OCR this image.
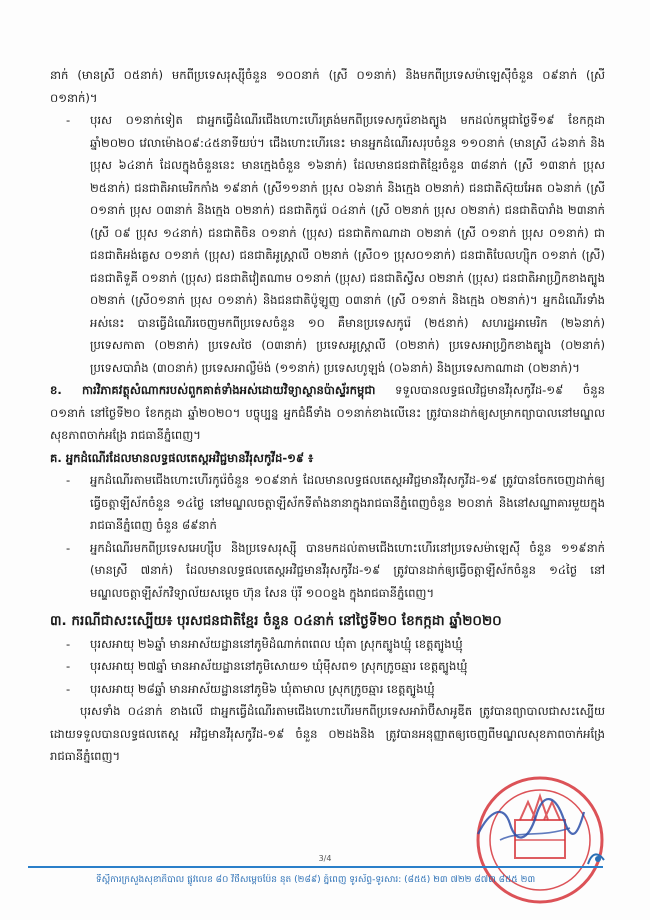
នាក់ (មានស្រី ០៥នាក់) មកពីប្រទេសរុស្ស៊ីចំនួន ១០០នាក់ (ស្រី ០១នាក់) និងមកពីប្រទេសម៉ាឡេស៊ីចំនួន ០៩នាក់ (ស្រី ០១នាក់)។

- បុរស ០១នាក់ទៀត ជាអ្នកធ្វើដំណើរជើងហោះហើរត្រង់មកពីប្រទេសកូរ៉េខាងត្បូង មកដល់កម្ពុជាថ្ងៃទី១៩ ខែកក្កដា ឆ្នាំ២០២០ វេលាម៉ោង០៩:៤៥នាទីយប់។ ជើងហោះហើរនេះ មានអ្នកដំណើរសរុបចំនួន ១១០នាក់ (មានស្រី ៤៦នាក់ និងប្រុស ៦៤នាក់ ដែលក្នុងចំនួននេះ មានក្មេងចំនួន ១៦នាក់) ដែលមានជនជាតិខ្មែរចំនួន ៣៨នាក់ (ស្រី ១៣នាក់ ប្រុស ២៥នាក់) ជនជាតិអាមេរិកកាំង ១៩នាក់ (ស្រី១១នាក់ ប្រុស ០៦នាក់ និងក្មេង ០២នាក់) ជនជាតិស៊ុយអែត ០៦នាក់ (ស្រី ០១នាក់ ប្រុស ០៣នាក់ និងក្មេង ០២នាក់) ជនជាតិកូរ៉េ ០៤នាក់ (ស្រី ០២នាក់ ប្រុស ០២នាក់) ជនជាតិបារាំង ២៣នាក់ (ស្រី ០៩ ប្រុស ១៤នាក់) ជនជាតិចិន ០១នាក់ (ប្រុស) ជនជាតិកាណាដា ០២នាក់ (ស្រី ០១នាក់ ប្រុស ០១នាក់) ជាជនជាតិអង់គ្លេស ០១នាក់ (ប្រុស) ជនជាតិអូស្ត្រាលី ០២នាក់ (ស្រី០១ ប្រុស០១នាក់) ជនជាតិបែលហ្ស៊ិក ០១នាក់ (ស្រី) ជនជាតិទួគី ០១នាក់ (ប្រុស) ជនជាតិវៀតណាម ០១នាក់ (ប្រុស) ជនជាតិស្វីស ០២នាក់ (ប្រុស) ជនជាតិអាហ្វ្រិកខាងត្បូង ០២នាក់ (ស្រី០១នាក់ ប្រុស ០១នាក់) និងជនជាតិប៉ូឡូញ ០៣នាក់ (ស្រី ០១នាក់ និងក្មេង ០២នាក់)។ អ្នកដំណើរទាំងអស់នេះ បានធ្វើដំណើរចេញមកពីប្រទេសចំនួន ១០ គឺមានប្រទេសកូរ៉េ (២៥នាក់) សហរដ្ឋអាមេរិក (២៦នាក់) ប្រទេសកាតា (០២នាក់) ប្រទេសថៃ (០៣នាក់) ប្រទេសអូស្ត្រាលី (០២នាក់) ប្រទេសអាហ្វ្រិកខាងត្បូង (០២នាក់) ប្រទេសបារាំង (៣០នាក់) ប្រទេសអាល្លឺម៉ង់ (១១នាក់) ប្រទេសហូឡង់ (០៦នាក់) និងប្រទេសកាណាដា (០២នាក់)។

ខ. ការវិភាគវត្ថុសំណាករបស់ពួកគាត់ទាំងអស់ដោយវិទ្យាស្ថានប៉ាស្ទ័រកម្ពុជា ទទួលបានលទ្ធផលវិជ្ជមានវីរុសកូវីដ-១៩ ចំនួន ០១នាក់ នៅថ្ងៃទី២០ ខែកក្កដា ឆ្នាំ២០២០។ បច្ចុប្បន្ន អ្នកជំងឺទាំង ០១នាក់ខាងលើនេះ ត្រូវបានដាក់ឲ្យសម្រាកព្យាបាលនៅមណ្ឌលសុខភាពចាក់អង្រែ រាជធានីភ្នំពេញ។

គ. អ្នកដំណើរដែលមានលទ្ធផលតេស្តអវិជ្ជមានវីរុសកូវីដ-១៩ ៖

- អ្នកដំណើរតាមជើងហោះហើរកូរ៉េចំនួន ១០៩នាក់ ដែលមានលទ្ធផលតេស្តអវិជ្ជមានវីរុសកូវីដ-១៩ ត្រូវបានចែកចេញដាក់ឲ្យធ្វើចត្តាឡីស័កចំនួន ១៤ថ្ងៃ នៅមណ្ឌលចត្តាឡីស័កទីតាំងនានាក្នុងរាជធានីភ្នំពេញចំនួន ២០នាក់ និងនៅសណ្ឋាគារមួយក្នុងរាជធានីភ្នំពេញ ចំនួន ៨៩នាក់
- អ្នកដំណើរមកពីប្រទេសអេហ្ស៊ីប និងប្រទេសរុស្ស៊ី បានមកដល់តាមជើងហោះហើរនៅប្រទេសម៉ាឡេស៊ី ចំនួន ១១៩នាក់ (មានស្រី ៧នាក់) ដែលមានលទ្ធផលតេស្តអវិជ្ជមានវីរុសកូវីដ-១៩ ត្រូវបានដាក់ឲ្យធ្វើចត្តាឡីស័កចំនួន ១៤ថ្ងៃ នៅមណ្ឌលចត្តាឡីស័កវិទ្យាល័យសម្ដេច ហ៊ុន សែន ប៉ុរី ១០០ខ្នង ក្នុងរាជធានីភ្នំពេញ។

៣. ករណីជាសះស្បើយ៖ បុរសជនជាតិខ្មែរ ចំនួន ០៤នាក់ នៅថ្ងៃទី២០ ខែកក្កដា ឆ្នាំ២០២០

- បុរសអាយុ ២៦ឆ្នាំ មានអាស័យដ្ឋាននៅភូមិដំណាក់ពពេល ឃុំតា ស្រុកត្បូងឃ្មុំ ខេត្តត្បូងឃ្មុំ
- បុរសអាយុ ២៧ឆ្នាំ មានអាស័យដ្ឋាននៅភូមិសោយ១ ឃុំម៉ីសព១ ស្រុកក្រូចឆ្មារ ខេត្តត្បូងឃ្មុំ
- បុរសអាយុ ២៨ឆ្នាំ មានអាស័យដ្ឋាននៅភូមិ៦ ឃុំតាមាល ស្រុកក្រូចឆ្មារ ខេត្តត្បូងឃ្មុំ

បុរសទាំង ០៤នាក់ ខាងលើ ជាអ្នកធ្វើដំណើរតាមជើងហោះហើរមកពីប្រទេសអារ៉ាប៊ីសាអូឌីត ត្រូវបានព្យាបាលជាសះស្បើយ ដោយទទួលបានលទ្ធផលតេស្ត អវិជ្ជមានវីរុសកូវីដ-១៩ ចំនួន ០២ដងនិង ត្រូវបានអនុញ្ញាតឲ្យចេញពីមណ្ឌលសុខភាពចាក់អង្រែ រាជធានីភ្នំពេញ។

3/4
ទីស្ដីការក្រសួងសុខាភិបាល ផ្លូវលេខ ៨០ វិថីសម្ដេចប៉ែន នុត (២៨៩) ភ្នំពេញ ទូរស័ព្ទ-ទូរសារ: (៨៥៥) ២៣ ៧២២ ៨៧៣ ៨៥៥ ២៣
